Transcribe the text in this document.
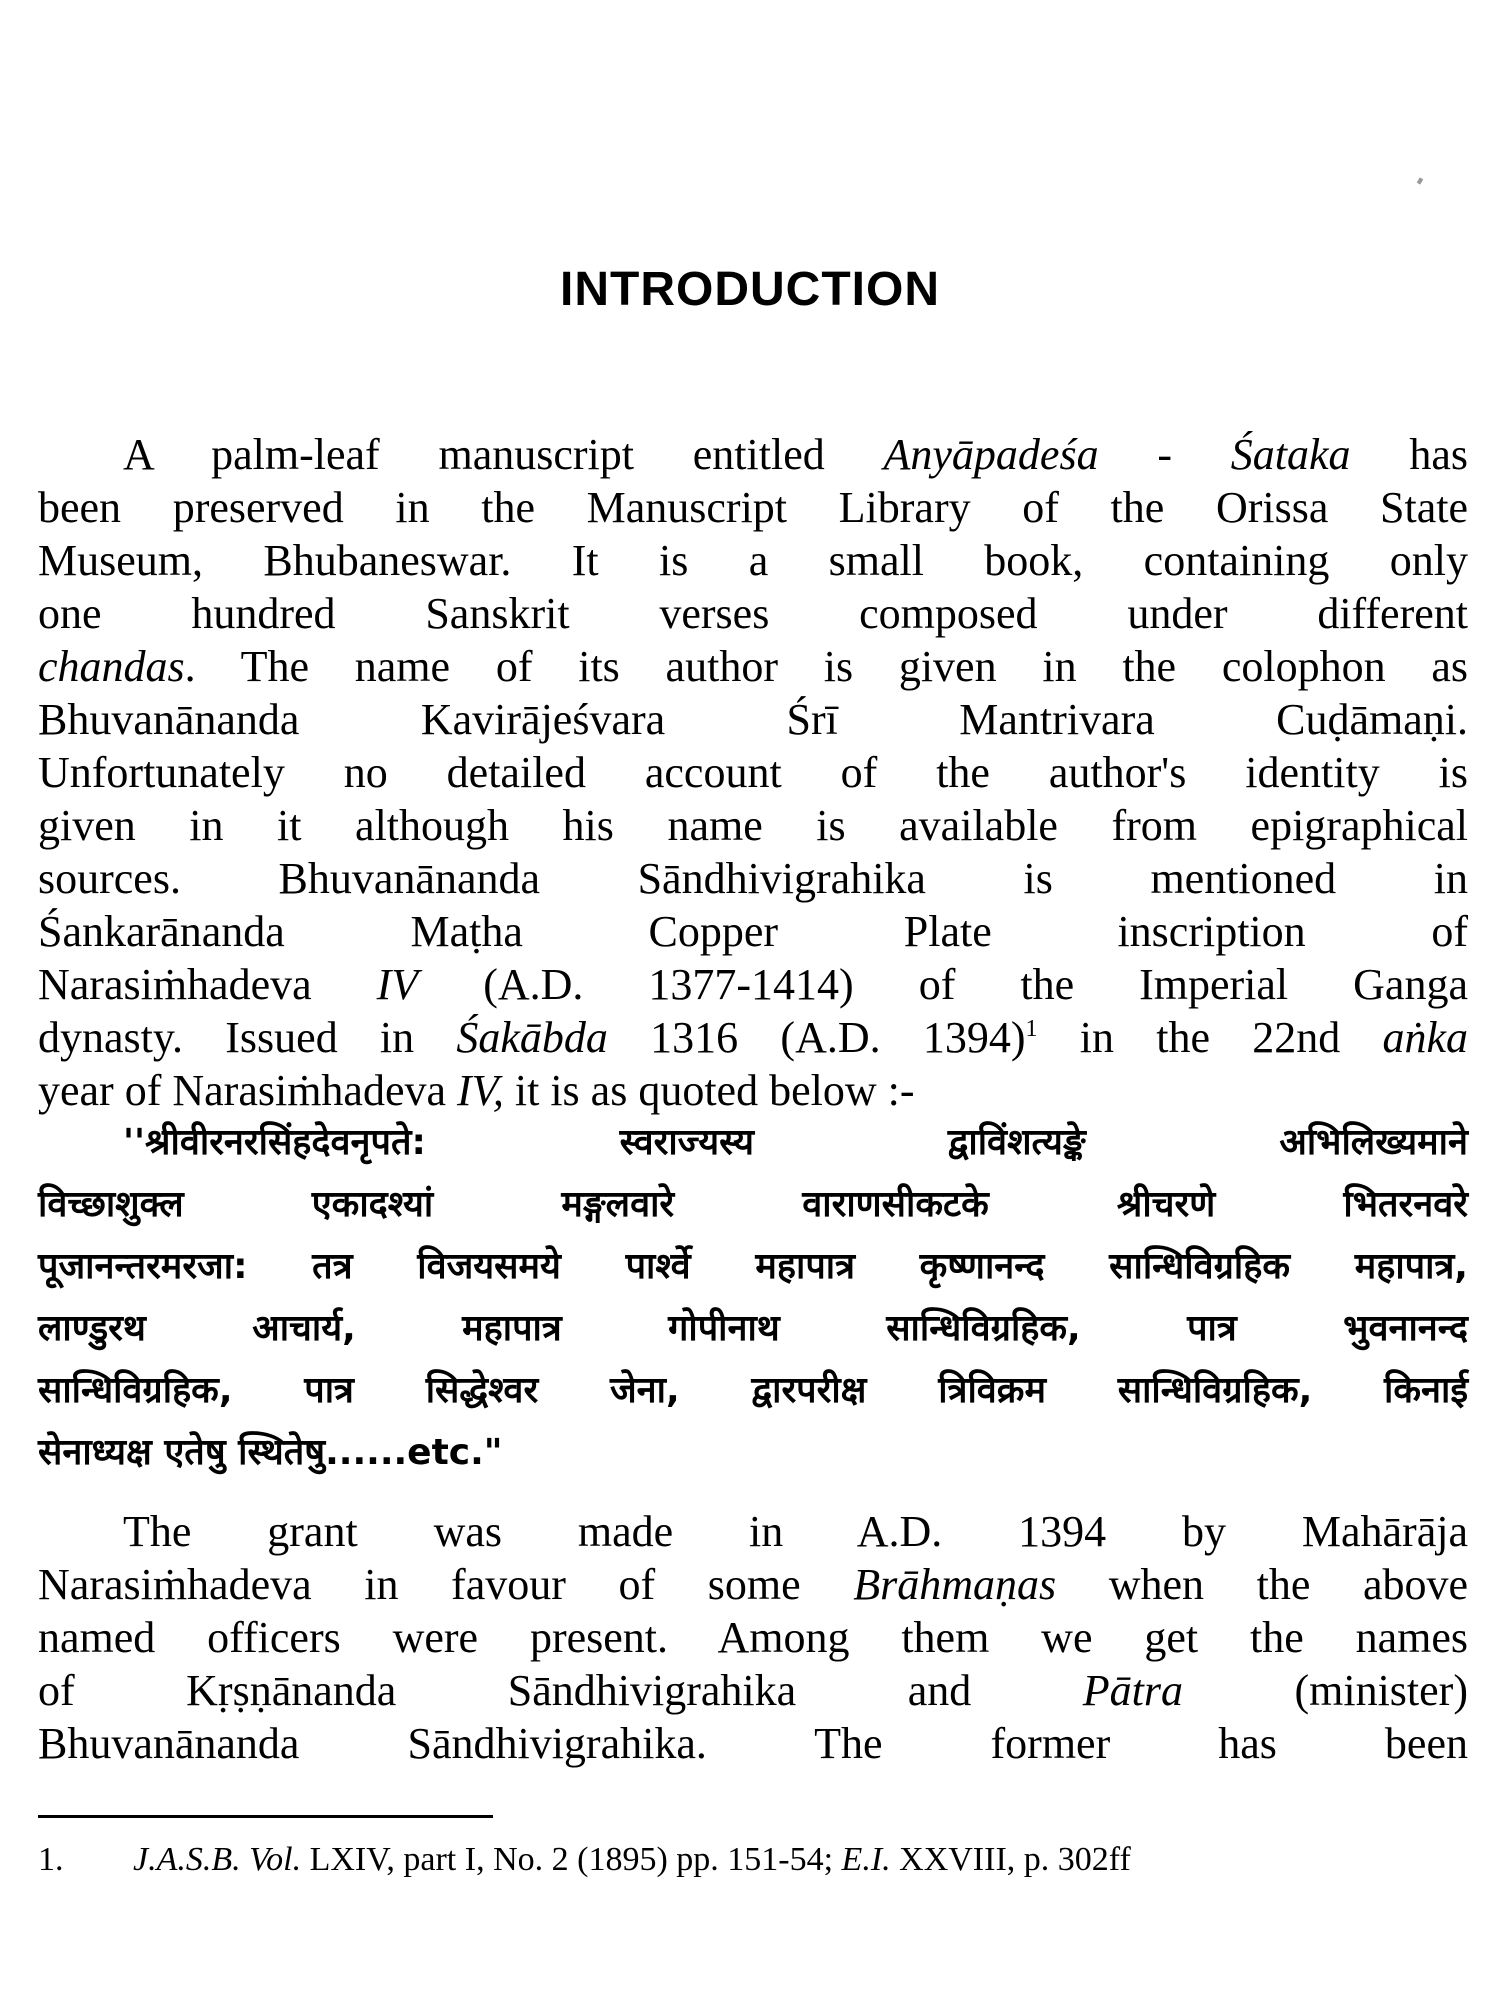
INTRODUCTION
A palm-leaf manuscript entitled Anyāpadeśa - Śataka has
been preserved in the Manuscript Library of the Orissa State
Museum, Bhubaneswar. It is a small book, containing only
one hundred Sanskrit verses composed under different
chandas. The name of its author is given in the colophon as
Bhuvanānanda Kavirājeśvara Śrī Mantrivara Cuḍāmaṇi.
Unfortunately no detailed account of the author's identity is
given in it although his name is available from epigraphical
sources. Bhuvanānanda Sāndhivigrahika is mentioned in
Śankarānanda Maṭha Copper Plate inscription of
Narasiṁhadeva IV (A.D. 1377-1414) of the Imperial Ganga
dynasty. Issued in Śakābda 1316 (A.D. 1394)$^1$ in the 22nd aṅka
year of Narasiṁhadeva IV, it is as quoted below :-
''श्रीवीरनरसिंहदेवनृपते: स्वराज्यस्य द्वाविंशत्यङ्के अभिलिख्यमाने
विच्छाशुक्ल एकादश्यां मङ्गलवारे वाराणसीकटके श्रीचरणे भितरनवरे
पूजानन्तरमरजा: तत्र विजयसमये पार्श्वे महापात्र कृष्णानन्द सान्धिविग्रहिक महापात्र,
लाण्डुरथ आचार्य, महापात्र गोपीनाथ सान्धिविग्रहिक, पात्र भुवनानन्द
सान्धिविग्रहिक, पात्र सिद्धेश्वर जेना, द्वारपरीक्ष त्रिविक्रम सान्धिविग्रहिक, किनाई
सेनाध्यक्ष एतेषु स्थितेषु......etc."
The grant was made in A.D. 1394 by Mahārāja
Narasiṁhadeva in favour of some Brāhmaṇas when the above
named officers were present. Among them we get the names
of Kṛṣṇānanda Sāndhivigrahika and Pātra (minister)
Bhuvanānanda Sāndhivigrahika. The former has been
1. J.A.S.B. Vol. LXIV, part I, No. 2 (1895) pp. 151-54; E.I. XXVIII, p. 302ff
